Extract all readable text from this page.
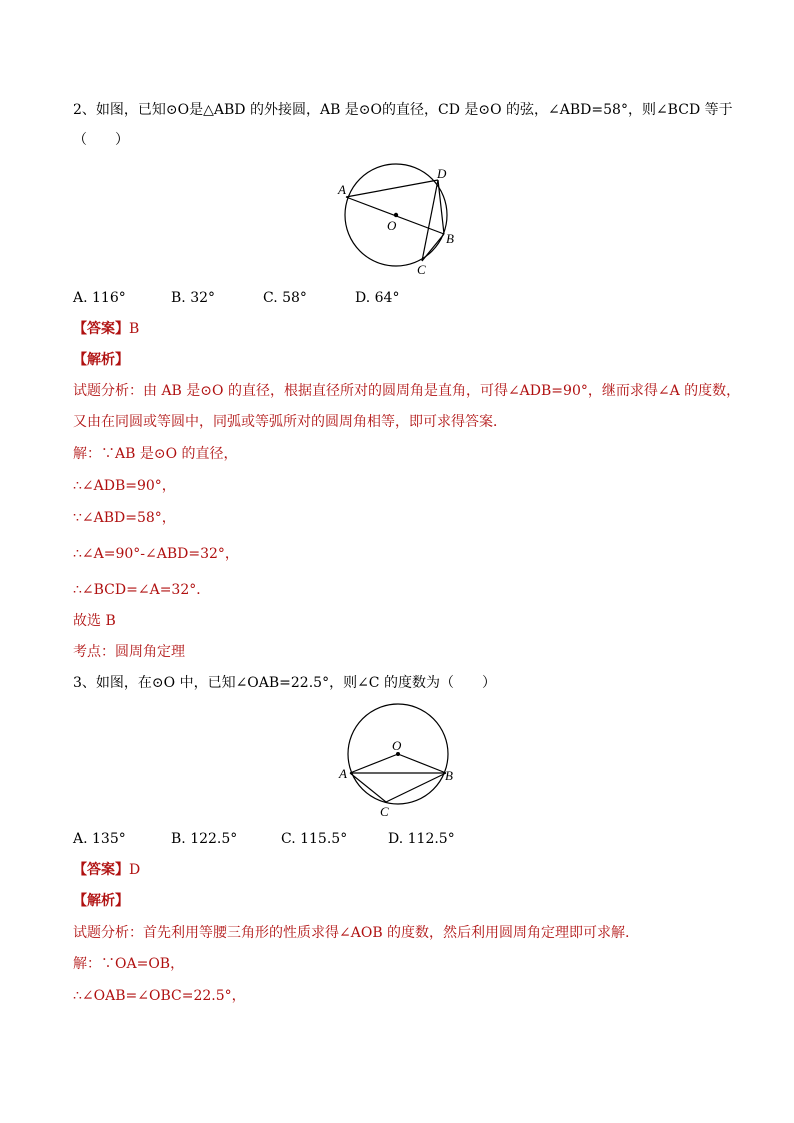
2、如图，已知⊙O是△ABD 的外接圆，AB 是⊙O的直径，CD 是⊙O 的弦，∠ABD=58°，则∠BCD 等于
（　　）
A
D
O
B
C
A. 116°	B. 32°	C. 58°	D. 64°
【答案】B
【解析】
试题分析：由 AB 是⊙O 的直径，根据直径所对的圆周角是直角，可得∠ADB=90°，继而求得∠A 的度数，
又由在同圆或等圆中，同弧或等弧所对的圆周角相等，即可求得答案．
解：∵AB 是⊙O 的直径，
∴∠ADB=90°，
∵∠ABD=58°，
∴∠A=90°-∠ABD=32°，
∴∠BCD=∠A=32°．
故选 B
考点：圆周角定理
3、如图，在⊙O 中，已知∠OAB=22.5°，则∠C 的度数为（　　）
O
A	B
C
A. 135°	B. 122.5°	C. 115.5°	D. 112.5°
【答案】D
【解析】
试题分析：首先利用等腰三角形的性质求得∠AOB 的度数，然后利用圆周角定理即可求解.
解：∵OA=OB，
∴∠OAB=∠OBC=22.5°，
